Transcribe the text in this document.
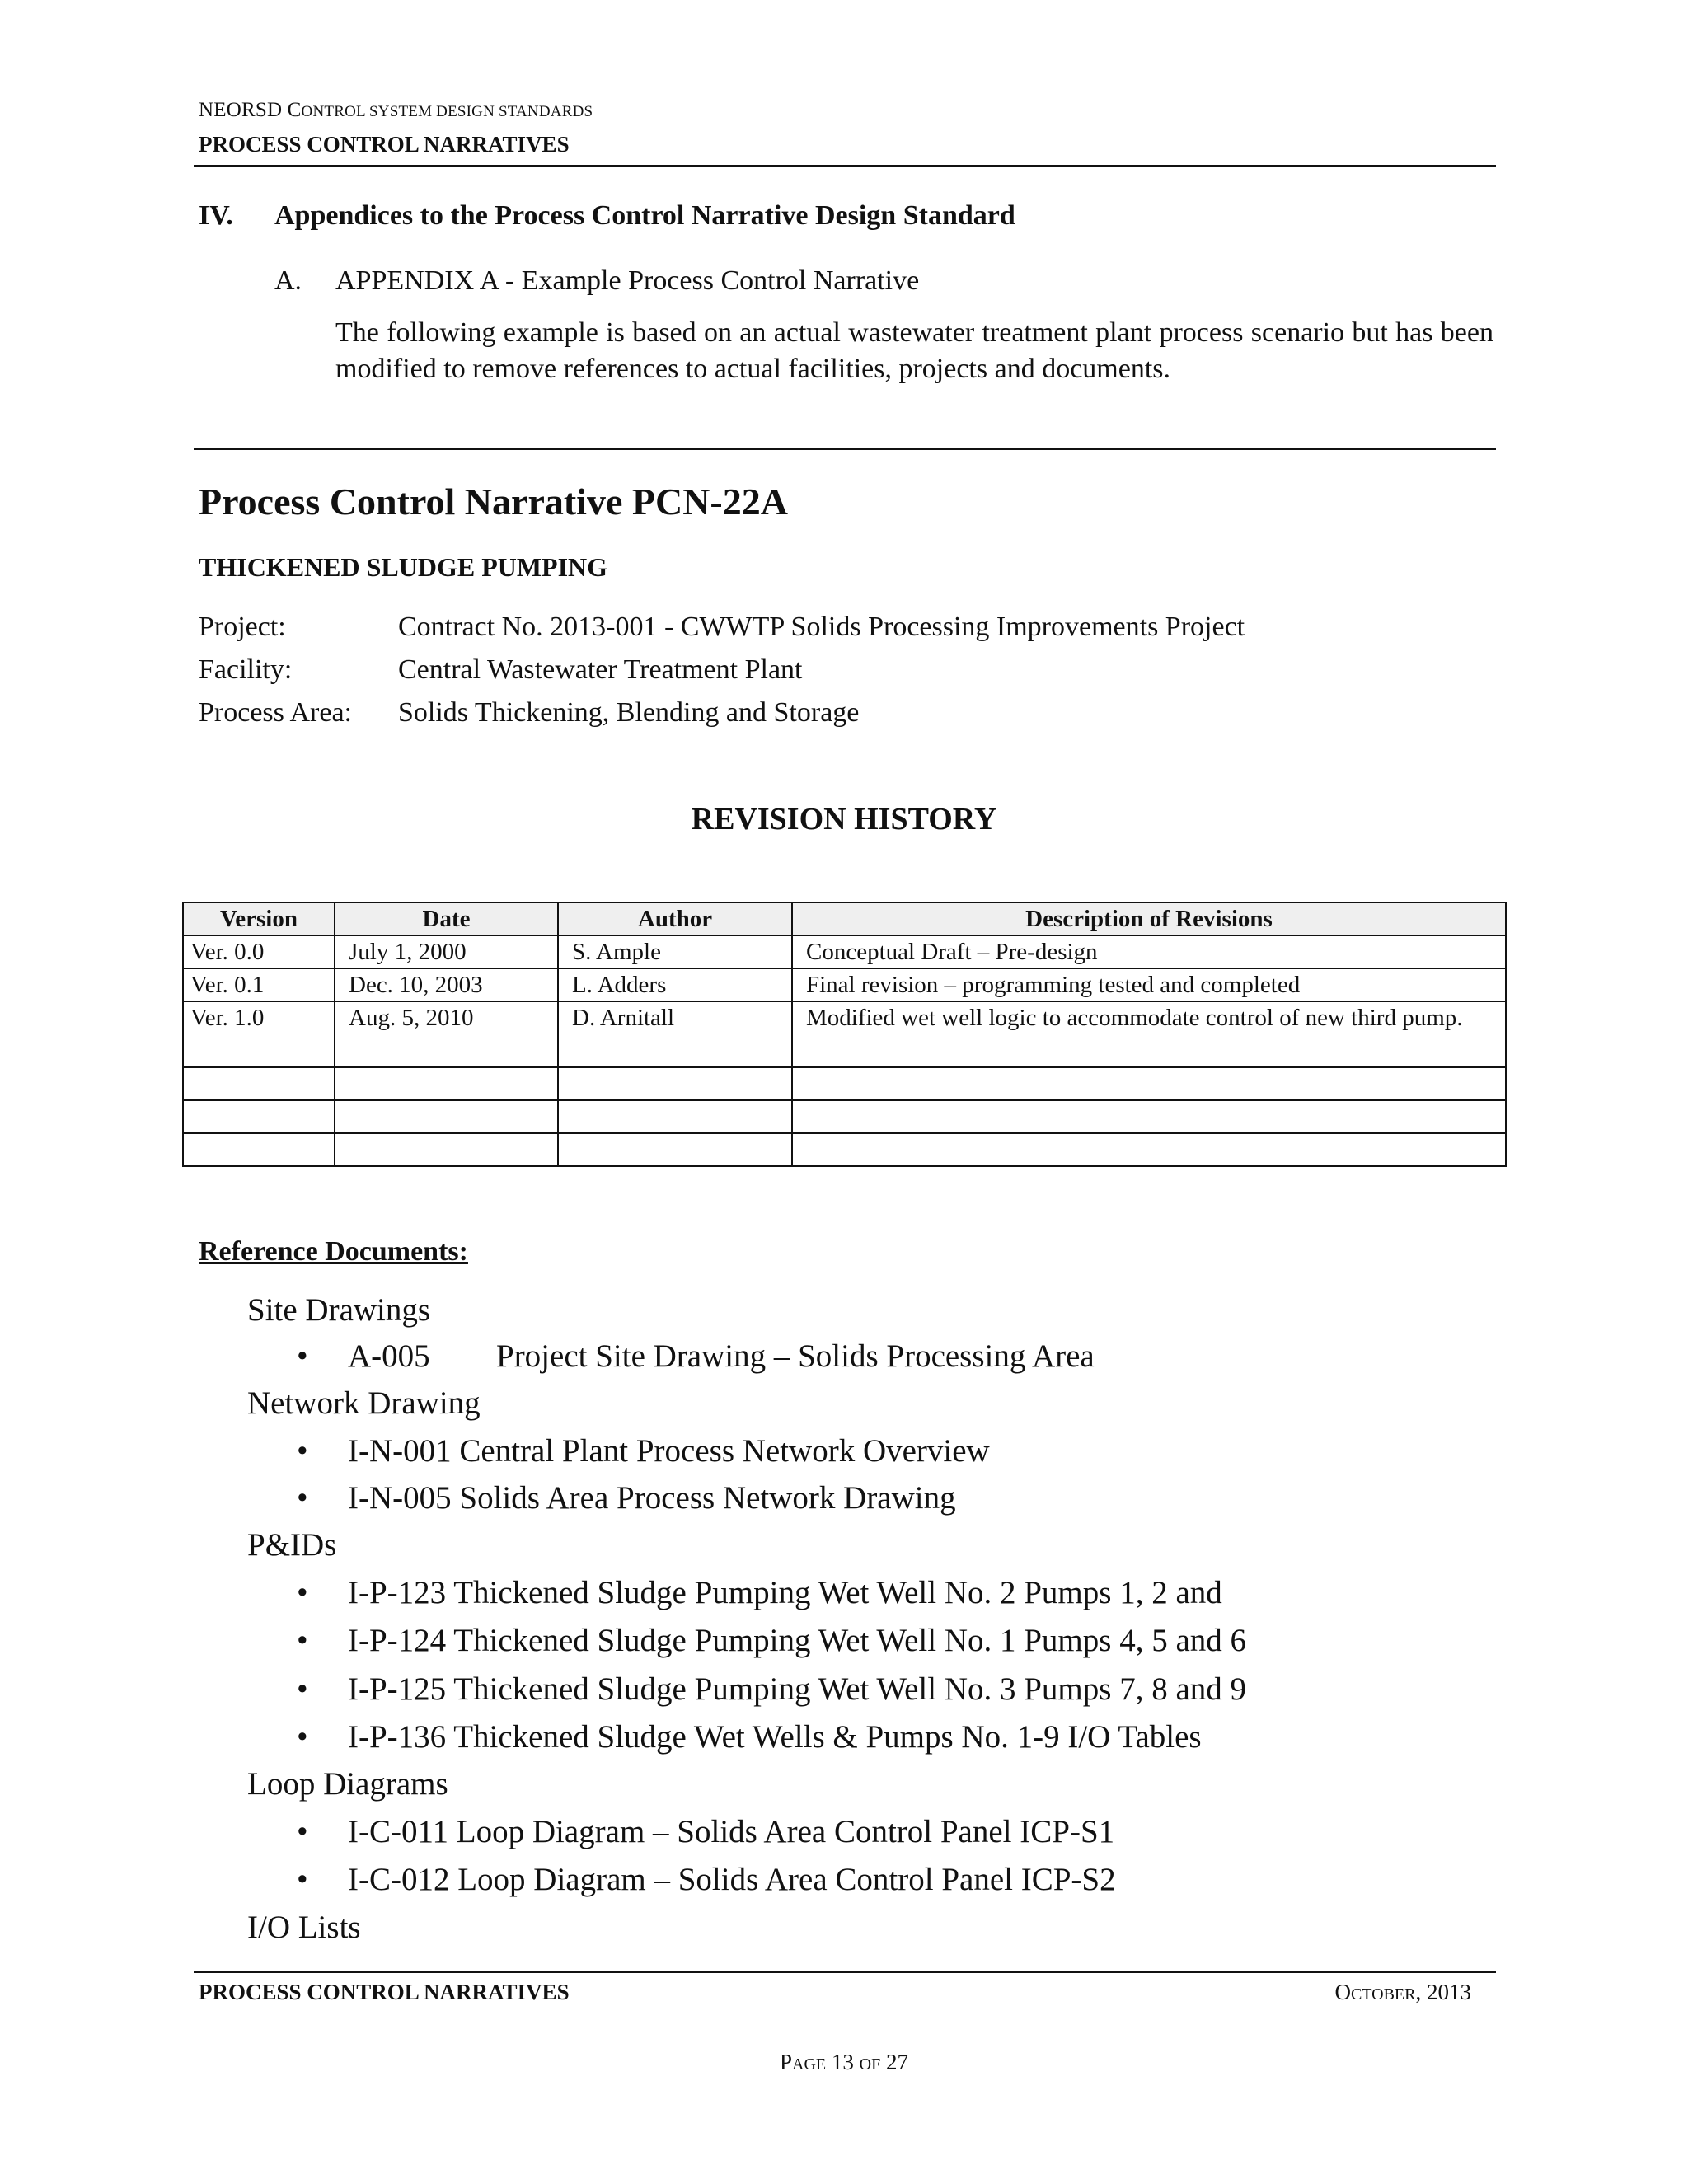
NEORSD CONTROL SYSTEM DESIGN STANDARDS
PROCESS CONTROL NARRATIVES
IV. Appendices to the Process Control Narrative Design Standard
A. APPENDIX A - Example Process Control Narrative
The following example is based on an actual wastewater treatment plant process scenario but has been modified to remove references to actual facilities, projects and documents.
Process Control Narrative PCN-22A
THICKENED SLUDGE PUMPING
Project:	Contract No. 2013-001 - CWWTP Solids Processing Improvements Project
Facility:	Central Wastewater Treatment Plant
Process Area: Solids Thickening, Blending and Storage
REVISION HISTORY
Version	Date	Author	Description of Revisions
Ver. 0.0	July 1, 2000	S. Ample	Conceptual Draft – Pre-design
Ver. 0.1	Dec. 10, 2003	L. Adders	Final revision – programming tested and completed
Ver. 1.0	Aug. 5, 2010	D. Arnitall	Modified wet well logic to accommodate control of new third pump.

Reference Documents:
Site Drawings
• A-005 Project Site Drawing – Solids Processing Area
Network Drawing
• I-N-001 Central Plant Process Network Overview
• I-N-005 Solids Area Process Network Drawing
P&IDs
• I-P-123 Thickened Sludge Pumping Wet Well No. 2 Pumps 1, 2 and
• I-P-124 Thickened Sludge Pumping Wet Well No. 1 Pumps 4, 5 and 6
• I-P-125 Thickened Sludge Pumping Wet Well No. 3 Pumps 7, 8 and 9
• I-P-136 Thickened Sludge Wet Wells & Pumps No. 1-9 I/O Tables
Loop Diagrams
• I-C-011 Loop Diagram – Solids Area Control Panel ICP-S1
• I-C-012 Loop Diagram – Solids Area Control Panel ICP-S2
I/O Lists
PROCESS CONTROL NARRATIVES	OCTOBER, 2013
PAGE 13 OF 27
